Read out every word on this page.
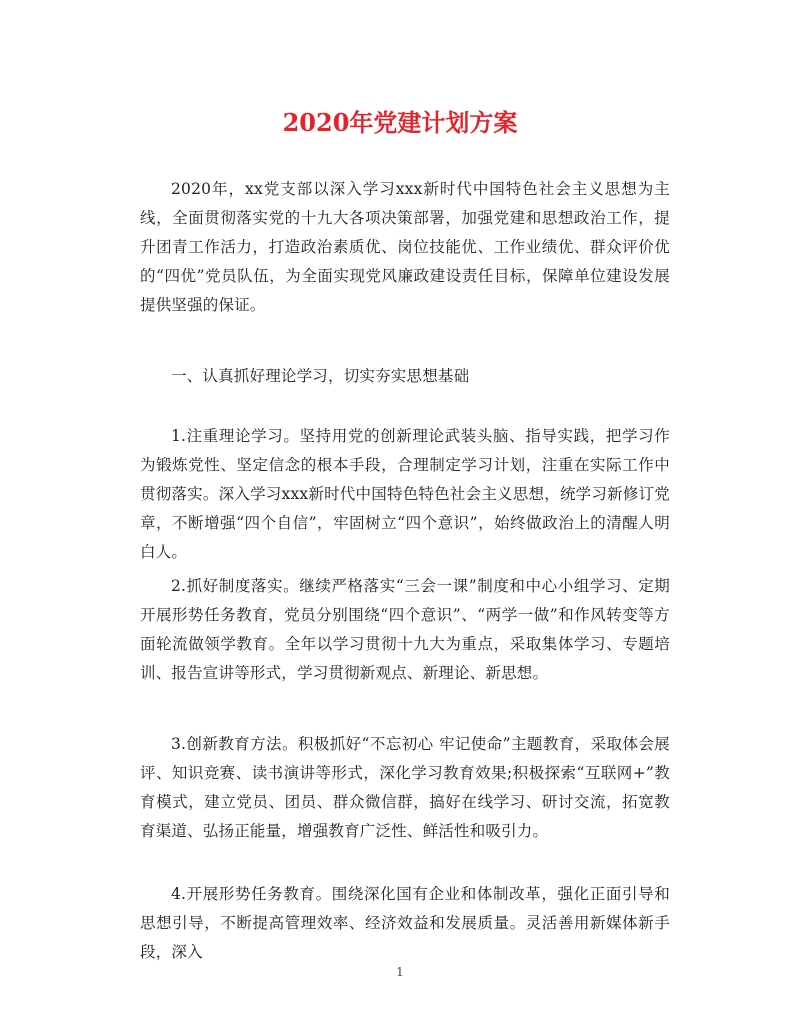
2020年党建计划方案

2020年，xx党支部以深入学习xxx新时代中国特色社会主义思想为主线，全面贯彻落实党的十九大各项决策部署，加强党建和思想政治工作，提升团青工作活力，打造政治素质优、岗位技能优、工作业绩优、群众评价优的“四优”党员队伍，为全面实现党风廉政建设责任目标，保障单位建设发展提供坚强的保证。

一、认真抓好理论学习，切实夯实思想基础

1.注重理论学习。坚持用党的创新理论武装头脑、指导实践，把学习作为锻炼党性、坚定信念的根本手段，合理制定学习计划，注重在实际工作中贯彻落实。深入学习xxx新时代中国特色特色社会主义思想，统学习新修订党章，不断增强“四个自信”，牢固树立“四个意识”，始终做政治上的清醒人明白人。

2.抓好制度落实。继续严格落实“三会一课”制度和中心小组学习、定期开展形势任务教育，党员分别围绕“四个意识”、“两学一做”和作风转变等方面轮流做领学教育。全年以学习贯彻十九大为重点，采取集体学习、专题培训、报告宣讲等形式，学习贯彻新观点、新理论、新思想。

3.创新教育方法。积极抓好“不忘初心 牢记使命”主题教育，采取体会展评、知识竞赛、读书演讲等形式，深化学习教育效果;积极探索“互联网+”教育模式，建立党员、团员、群众微信群，搞好在线学习、研讨交流，拓宽教育渠道、弘扬正能量，增强教育广泛性、鲜活性和吸引力。

4.开展形势任务教育。围绕深化国有企业和体制改革，强化正面引导和思想引导，不断提高管理效率、经济效益和发展质量。灵活善用新媒体新手段，深入

1
